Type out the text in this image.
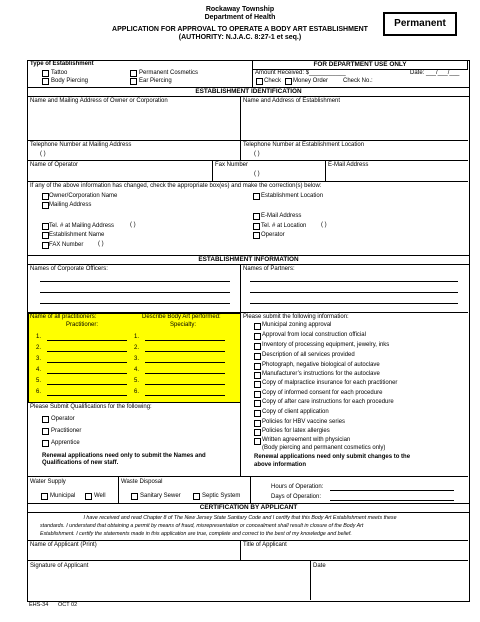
Rockaway Township
Department of Health
APPLICATION FOR APPROVAL TO OPERATE A BODY ART ESTABLISHMENT
(AUTHORITY: N.J.A.C. 8:27-1 et seq.)
Permanent
Type of Establishment
Tattoo
Body Piercing
Permanent Cosmetics
Ear Piercing
FOR DEPARTMENT USE ONLY
Amount Received: $___________	Date: ___/___/___
Check Money Order Check No.:
ESTABLISHMENT IDENTIFICATION
Name and Mailing Address of Owner or Corporation	Name and Address of Establishment
Telephone Number at Mailing Address
( )
Telephone Number at Establishment Location
( )
Name of Operator	Fax Number
( )
E-Mail Address
If any of the above information has changed, check the appropriate box(es) and make the correction(s) below:
Owner/Corporation Name
Mailing Address
Tel. # at Mailing Address	( )
Establishment Name
FAX Number ( )
Establishment Location
E-Mail Address
Tel. # at Location ( )
Operator
ESTABLISHMENT INFORMATION
Names of Corporate Officers:	Names of Partners:
Name of all practitioners:
Practitioner:
Describe Body Art performed:
Specialty:
1.	1.
2.	2.
3.	3.
4.	4.
5.	5.
6.	6.
Please Submit Qualifications for the following:
Operator
Practitioner
Apprentice
Renewal applications need only to submit the Names and
Qualifications of new staff.
Please submit the following information:
Municipal zoning approval
Approval from local construction official
Inventory of processing equipment, jewelry, inks
Description of all services provided
Photograph, negative biological of autoclave
Manufacturer’s instructions for the autoclave
Copy of malpractice insurance for each practitioner
Copy of informed consent for each procedure
Copy of after care instructions for each procedure
Copy of client application
Policies for HBV vaccine series
Policies for latex allergies
Written agreement with physician
(Body piercing and permanent cosmetics only)
Renewal applications need only submit changes to the
above information
Water Supply
Municipal	Well
Waste Disposal
Sanitary Sewer	Septic System
Hours of Operation:
Days of Operation:
CERTIFICATION BY APPLICANT
I have received and read Chapter 8 of The New Jersey State Sanitary Code and I certify that this Body Art Establishment meets these
standards. I understand that obtaining a permit by means of fraud, misrepresentation or concealment shall result in closure of the Body Art
Establishment. I certify the statements made in this application are true, complete and correct to the best of my knowledge and belief.
Name of Applicant (Print)	Title of Applicant
Signature of Applicant	Date
EHS-34 OCT 02
